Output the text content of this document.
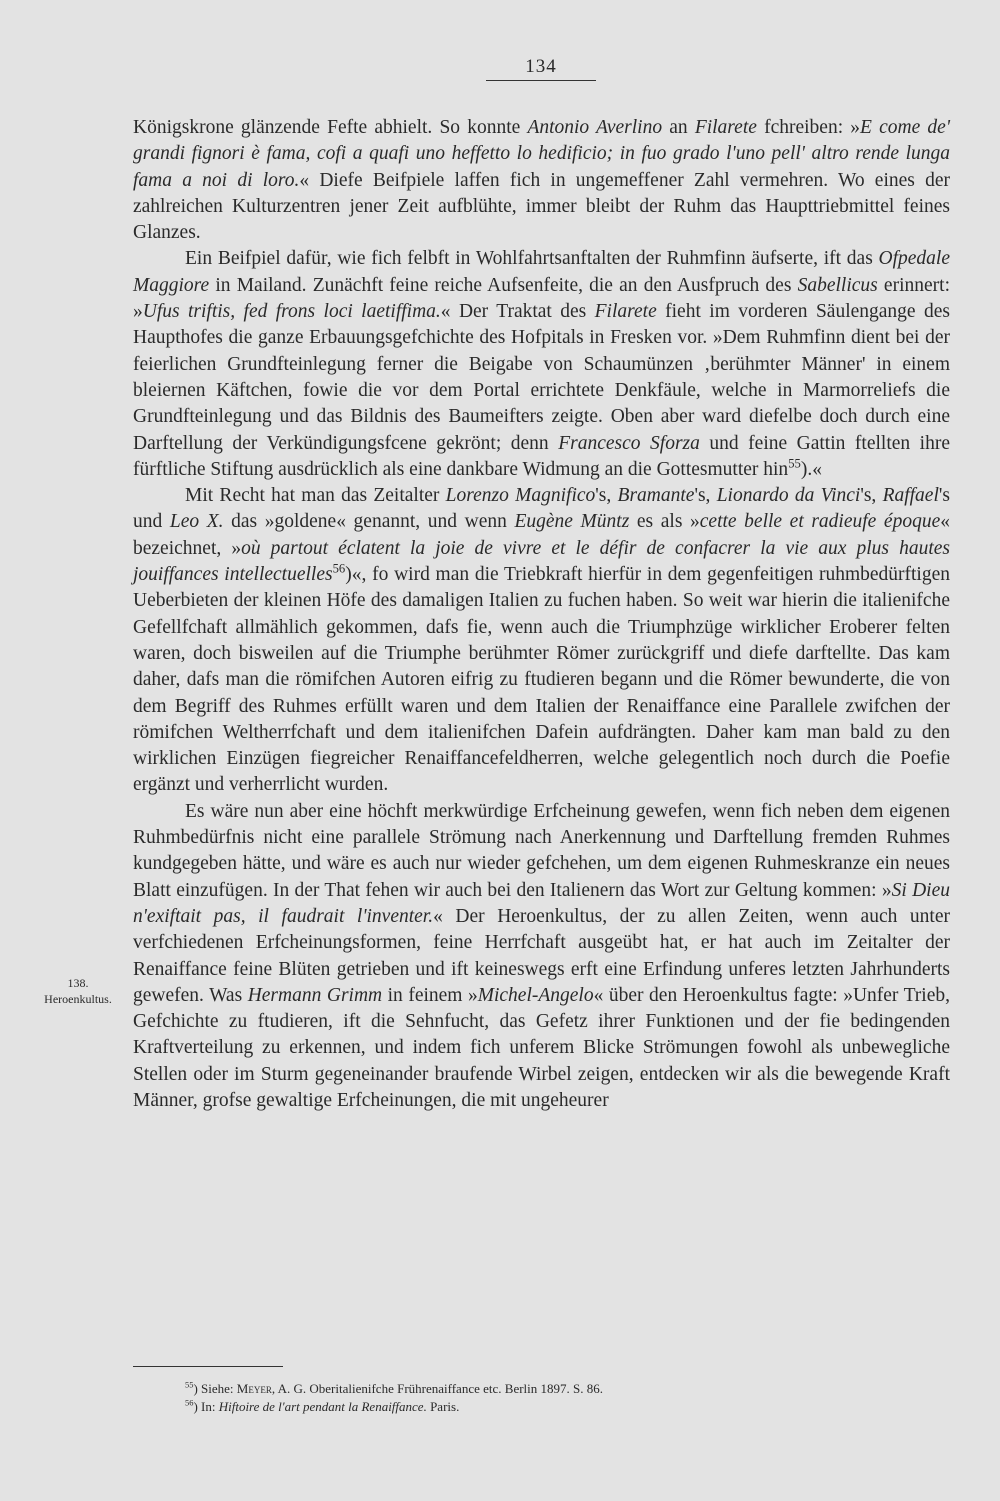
134

Königskrone glänzende Fefte abhielt. So konnte Antonio Averlino an Filarete fchreiben: »E come de' grandi fignori è fama, cofi a quafi uno heffetto lo hedificio; in fuo grado l'uno pell' altro rende lunga fama a noi di loro.« Diefe Beifpiele laffen fich in ungemeffener Zahl vermehren. Wo eines der zahlreichen Kulturzentren jener Zeit aufblühte, immer bleibt der Ruhm das Haupttriebmittel feines Glanzes.

Ein Beifpiel dafür, wie fich felbft in Wohlfahrtsanftalten der Ruhmfinn äufserte, ift das Ofpedale Maggiore in Mailand. Zunächft feine reiche Aufsenfeite, die an den Ausfpruch des Sabellicus erinnert: »Ufus triftis, fed frons loci laetiffima.« Der Traktat des Filarete fieht im vorderen Säulengange des Haupthofes die ganze Erbauungsgefchichte des Hofpitals in Fresken vor. »Dem Ruhmfinn dient bei der feierlichen Grundfteinlegung ferner die Beigabe von Schaumünzen ‚berühmter Männer' in einem bleiernen Käftchen, fowie die vor dem Portal errichtete Denkfäule, welche in Marmorreliefs die Grundfteinlegung und das Bildnis des Baumeifters zeigte. Oben aber ward diefelbe doch durch eine Darftellung der Verkündigungsfcene gekrönt; denn Francesco Sforza und feine Gattin ftellten ihre fürftliche Stiftung ausdrücklich als eine dankbare Widmung an die Gottesmutter hin$^{55}$).«

Mit Recht hat man das Zeitalter Lorenzo Magnifico's, Bramante's, Lionardo da Vinci's, Raffael's und Leo X. das »goldene« genannt, und wenn Eugène Müntz es als »cette belle et radieufe époque« bezeichnet, »où partout éclatent la joie de vivre et le défir de confacrer la vie aux plus hautes jouiffances intellectuelles$^{56}$)«, fo wird man die Triebkraft hierfür in dem gegenfeitigen ruhmbedürftigen Ueberbieten der kleinen Höfe des damaligen Italien zu fuchen haben. So weit war hierin die italienifche Gefellfchaft allmählich gekommen, dafs fie, wenn auch die Triumphzüge wirklicher Eroberer felten waren, doch bisweilen auf die Triumphe berühmter Römer zurückgriff und diefe darftellte. Das kam daher, dafs man die römifchen Autoren eifrig zu ftudieren begann und die Römer bewunderte, die von dem Begriff des Ruhmes erfüllt waren und dem Italien der Renaiffance eine Parallele zwifchen der römifchen Weltherrfchaft und dem italienifchen Dafein aufdrängten. Daher kam man bald zu den wirklichen Einzügen fiegreicher Renaiffancefeldherren, welche gelegentlich noch durch die Poefie ergänzt und verherrlicht wurden.

Es wäre nun aber eine höchft merkwürdige Erfcheinung gewefen, wenn fich neben dem eigenen Ruhmbedürfnis nicht eine parallele Strömung nach Anerkennung und Darftellung fremden Ruhmes kundgegeben hätte, und wäre es auch nur wieder gefchehen, um dem eigenen Ruhmeskranze ein neues Blatt einzufügen. In der That fehen wir auch bei den Italienern das Wort zur Geltung kommen: »Si Dieu n'exiftait pas, il faudrait l'inventer.« Der Heroenkultus, der zu allen Zeiten, wenn auch unter verfchiedenen Erfcheinungsformen, feine Herrfchaft ausgeübt hat, er hat auch im Zeitalter der Renaiffance feine Blüten getrieben und ift keineswegs erft eine Erfindung unferes letzten Jahrhunderts gewefen. Was Hermann Grimm in feinem »Michel-Angelo« über den Heroenkultus fagte: »Unfer Trieb, Gefchichte zu ftudieren, ift die Sehnfucht, das Gefetz ihrer Funktionen und der fie bedingenden Kraftverteilung zu erkennen, und indem fich unferem Blicke Strömungen fowohl als unbewegliche Stellen oder im Sturm gegeneinander braufende Wirbel zeigen, entdecken wir als die bewegende Kraft Männer, grofse gewaltige Erfcheinungen, die mit ungeheurer

138.
Heroenkultus.
$^{55}$) Siehe: Meyer, A. G. Oberitalienifche Frührenaiffance etc. Berlin 1897. S. 86.
$^{56}$) In: Hiftoire de l'art pendant la Renaiffance. Paris.
